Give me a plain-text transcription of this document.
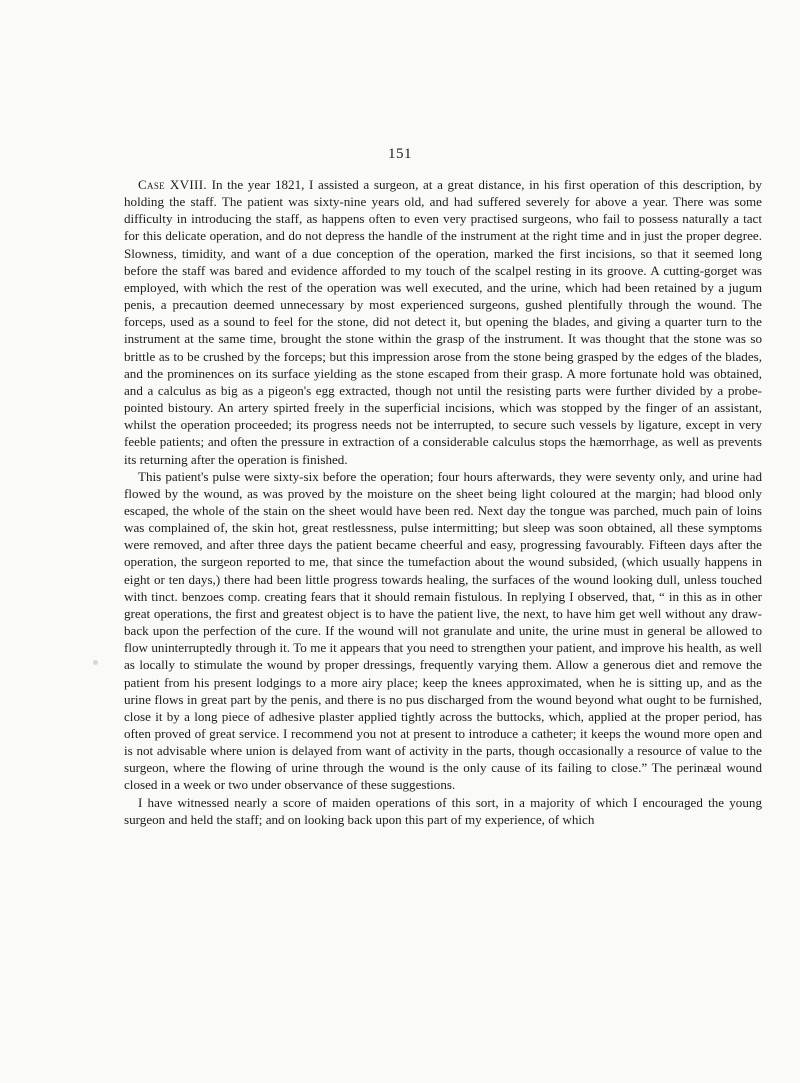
151

Case XVIII. In the year 1821, I assisted a surgeon, at a great distance, in his first operation of this description, by holding the staff. The patient was sixty-nine years old, and had suffered severely for above a year. There was some difficulty in introducing the staff, as happens often to even very practised surgeons, who fail to possess naturally a tact for this delicate operation, and do not depress the handle of the instrument at the right time and in just the proper degree. Slowness, timidity, and want of a due conception of the operation, marked the first incisions, so that it seemed long before the staff was bared and evidence afforded to my touch of the scalpel resting in its groove. A cutting-gorget was employed, with which the rest of the operation was well executed, and the urine, which had been retained by a jugum penis, a precaution deemed unnecessary by most experienced surgeons, gushed plentifully through the wound. The forceps, used as a sound to feel for the stone, did not detect it, but opening the blades, and giving a quarter turn to the instrument at the same time, brought the stone within the grasp of the instrument. It was thought that the stone was so brittle as to be crushed by the forceps; but this impression arose from the stone being grasped by the edges of the blades, and the prominences on its surface yielding as the stone escaped from their grasp. A more fortunate hold was obtained, and a calculus as big as a pigeon's egg extracted, though not until the resisting parts were further divided by a probe-pointed bistoury. An artery spirted freely in the superficial incisions, which was stopped by the finger of an assistant, whilst the operation proceeded; its progress needs not be interrupted, to secure such vessels by ligature, except in very feeble patients; and often the pressure in extraction of a considerable calculus stops the hæmorrhage, as well as prevents its returning after the operation is finished.

This patient's pulse were sixty-six before the operation; four hours afterwards, they were seventy only, and urine had flowed by the wound, as was proved by the moisture on the sheet being light coloured at the margin; had blood only escaped, the whole of the stain on the sheet would have been red. Next day the tongue was parched, much pain of loins was complained of, the skin hot, great restlessness, pulse intermitting; but sleep was soon obtained, all these symptoms were removed, and after three days the patient became cheerful and easy, progressing favourably. Fifteen days after the operation, the surgeon reported to me, that since the tumefaction about the wound subsided, (which usually happens in eight or ten days,) there had been little progress towards healing, the surfaces of the wound looking dull, unless touched with tinct. benzoes comp. creating fears that it should remain fistulous. In replying I observed, that, “ in this as in other great operations, the first and greatest object is to have the patient live, the next, to have him get well without any draw-back upon the perfection of the cure. If the wound will not granulate and unite, the urine must in general be allowed to flow uninterruptedly through it. To me it appears that you need to strengthen your patient, and improve his health, as well as locally to stimulate the wound by proper dressings, frequently varying them. Allow a generous diet and remove the patient from his present lodgings to a more airy place; keep the knees approximated, when he is sitting up, and as the urine flows in great part by the penis, and there is no pus discharged from the wound beyond what ought to be furnished, close it by a long piece of adhesive plaster applied tightly across the buttocks, which, applied at the proper period, has often proved of great service. I recommend you not at present to introduce a catheter; it keeps the wound more open and is not advisable where union is delayed from want of activity in the parts, though occasionally a resource of value to the surgeon, where the flowing of urine through the wound is the only cause of its failing to close.” The perinæal wound closed in a week or two under observance of these suggestions.

I have witnessed nearly a score of maiden operations of this sort, in a majority of which I encouraged the young surgeon and held the staff; and on looking back upon this part of my experience, of which
